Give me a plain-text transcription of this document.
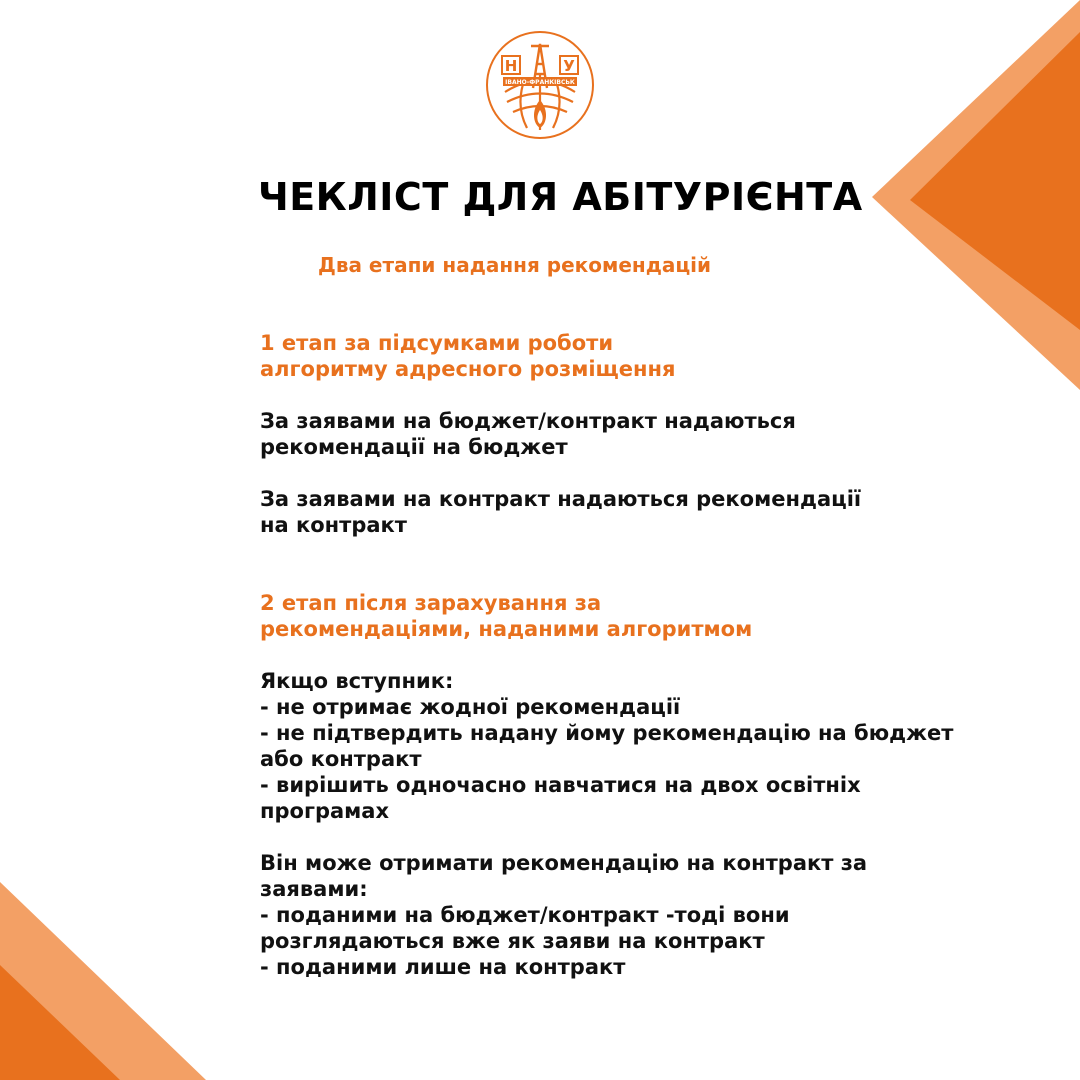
Н	У
ІВАНО-ФРАНКІВСЬК
ЧЕКЛІСТ ДЛЯ АБІТУРІЄНТА

Два етапи надання рекомендацій

1 етап за підсумками роботи
алгоритму адресного розміщення

За заявами на бюджет/контракт надаються
рекомендації на бюджет

За заявами на контракт надаються рекомендації
на контракт

2 етап після зарахування за
рекомендаціями, наданими алгоритмом

Якщо вступник:
- не отримає жодної рекомендації
- не підтвердить надану йому рекомендацію на бюджет
або контракт
- вирішить одночасно навчатися на двох освітніх
програмах

Він може отримати рекомендацію на контракт за
заявами:
- поданими на бюджет/контракт -тоді вони
розглядаються вже як заяви на контракт
- поданими лише на контракт
